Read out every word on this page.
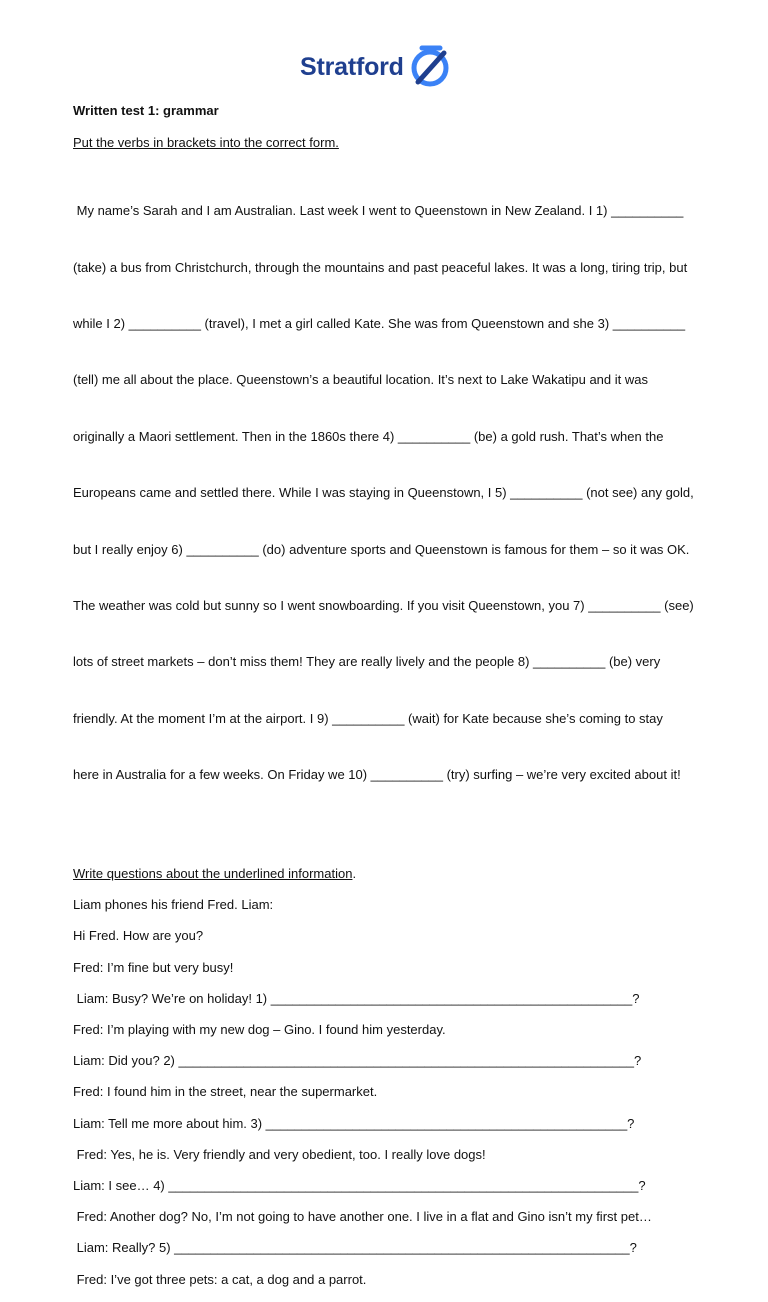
Stratford

Written test 1: grammar

Put the verbs in brackets into the correct form.

My name’s Sarah and I am Australian. Last week I went to Queenstown in New Zealand. I 1) __________

(take) a bus from Christchurch, through the mountains and past peaceful lakes. It was a long, tiring trip, but

while I 2) __________ (travel), I met a girl called Kate. She was from Queenstown and she 3) __________

(tell) me all about the place. Queenstown’s a beautiful location. It’s next to Lake Wakatipu and it was

originally a Maori settlement. Then in the 1860s there 4) __________ (be) a gold rush. That’s when the

Europeans came and settled there. While I was staying in Queenstown, I 5) __________ (not see) any gold,

but I really enjoy 6) __________ (do) adventure sports and Queenstown is famous for them – so it was OK.

The weather was cold but sunny so I went snowboarding. If you visit Queenstown, you 7) __________ (see)

lots of street markets – don’t miss them! They are really lively and the people 8) __________ (be) very

friendly. At the moment I’m at the airport. I 9) __________ (wait) for Kate because she’s coming to stay

here in Australia for a few weeks. On Friday we 10) __________ (try) surfing – we’re very excited about it!

Write questions about the underlined information.

Liam phones his friend Fred. Liam:

Hi Fred. How are you?

Fred: I’m fine but very busy!

Liam: Busy? We’re on holiday! 1) __________________________________________________?

Fred: I’m playing with my new dog – Gino. I found him yesterday.

Liam: Did you? 2) _______________________________________________________________?

Fred: I found him in the street, near the supermarket.

Liam: Tell me more about him. 3) __________________________________________________?

Fred: Yes, he is. Very friendly and very obedient, too. I really love dogs!

Liam: I see… 4) _________________________________________________________________?

Fred: Another dog? No, I’m not going to have another one. I live in a flat and Gino isn’t my first pet…

Liam: Really? 5) _______________________________________________________________?

Fred: I’ve got three pets: a cat, a dog and a parrot.
